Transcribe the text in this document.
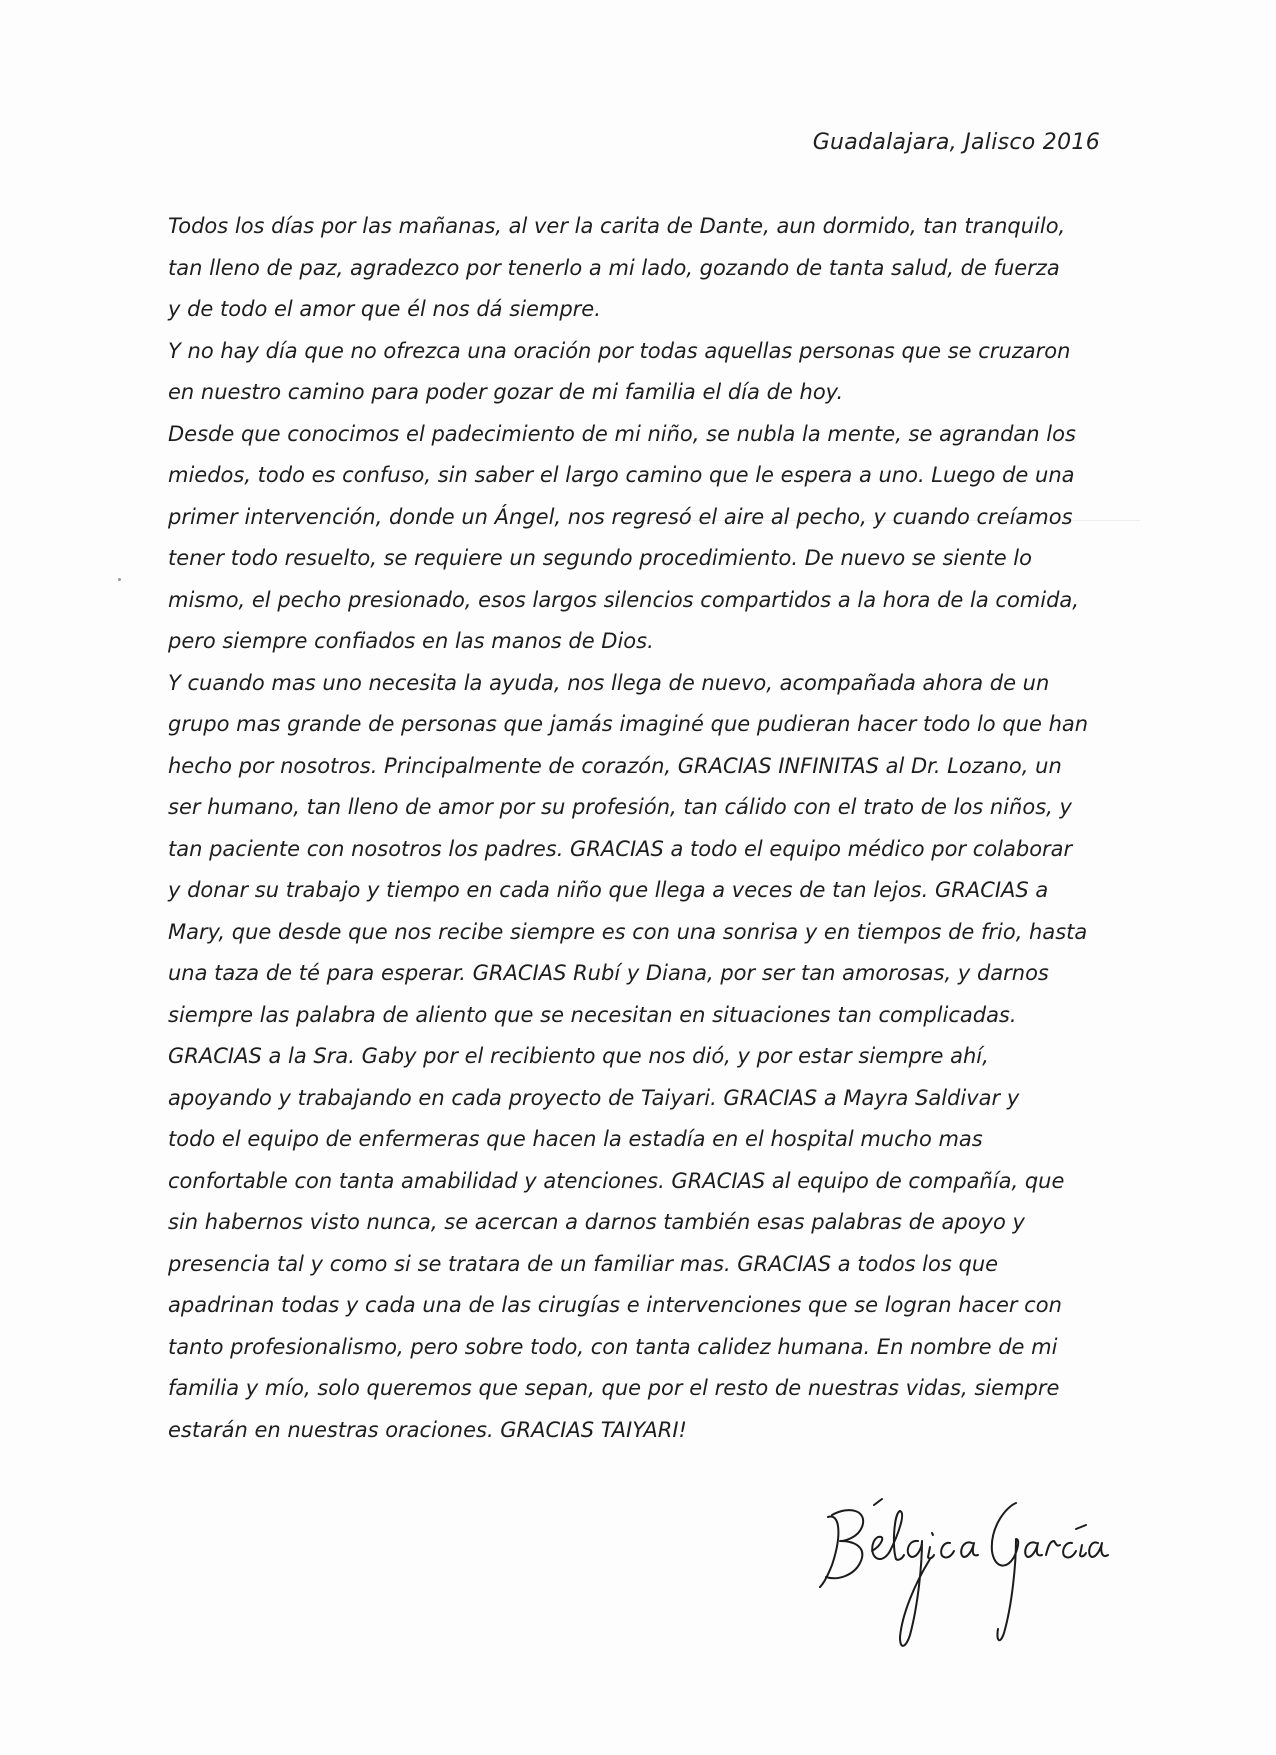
Guadalajara, Jalisco 2016
Todos los días por las mañanas, al ver la carita de Dante, aun dormido, tan tranquilo,
tan lleno de paz, agradezco por tenerlo a mi lado, gozando de tanta salud, de fuerza
y de todo el amor que él nos dá siempre.
Y no hay día que no ofrezca una oración por todas aquellas personas que se cruzaron
en nuestro camino para poder gozar de mi familia el día de hoy.
Desde que conocimos el padecimiento de mi niño, se nubla la mente, se agrandan los
miedos, todo es confuso, sin saber el largo camino que le espera a uno. Luego de una
primer intervención, donde un Ángel, nos regresó el aire al pecho, y cuando creíamos
tener todo resuelto, se requiere un segundo procedimiento. De nuevo se siente lo
mismo, el pecho presionado, esos largos silencios compartidos a la hora de la comida,
pero siempre confiados en las manos de Dios.
Y cuando mas uno necesita la ayuda, nos llega de nuevo, acompañada ahora de un
grupo mas grande de personas que jamás imaginé que pudieran hacer todo lo que han
hecho por nosotros. Principalmente de corazón, GRACIAS INFINITAS al Dr. Lozano, un
ser humano, tan lleno de amor por su profesión, tan cálido con el trato de los niños, y
tan paciente con nosotros los padres. GRACIAS a todo el equipo médico por colaborar
y donar su trabajo y tiempo en cada niño que llega a veces de tan lejos. GRACIAS a
Mary, que desde que nos recibe siempre es con una sonrisa y en tiempos de frio, hasta
una taza de té para esperar. GRACIAS Rubí y Diana, por ser tan amorosas, y darnos
siempre las palabra de aliento que se necesitan en situaciones tan complicadas.
GRACIAS a la Sra. Gaby por el recibiento que nos dió, y por estar siempre ahí,
apoyando y trabajando en cada proyecto de Taiyari. GRACIAS a Mayra Saldivar y
todo el equipo de enfermeras que hacen la estadía en el hospital mucho mas
confortable con tanta amabilidad y atenciones. GRACIAS al equipo de compañía, que
sin habernos visto nunca, se acercan a darnos también esas palabras de apoyo y
presencia tal y como si se tratara de un familiar mas. GRACIAS a todos los que
apadrinan todas y cada una de las cirugías e intervenciones que se logran hacer con
tanto profesionalismo, pero sobre todo, con tanta calidez humana. En nombre de mi
familia y mío, solo queremos que sepan, que por el resto de nuestras vidas, siempre
estarán en nuestras oraciones. GRACIAS TAIYARI!
